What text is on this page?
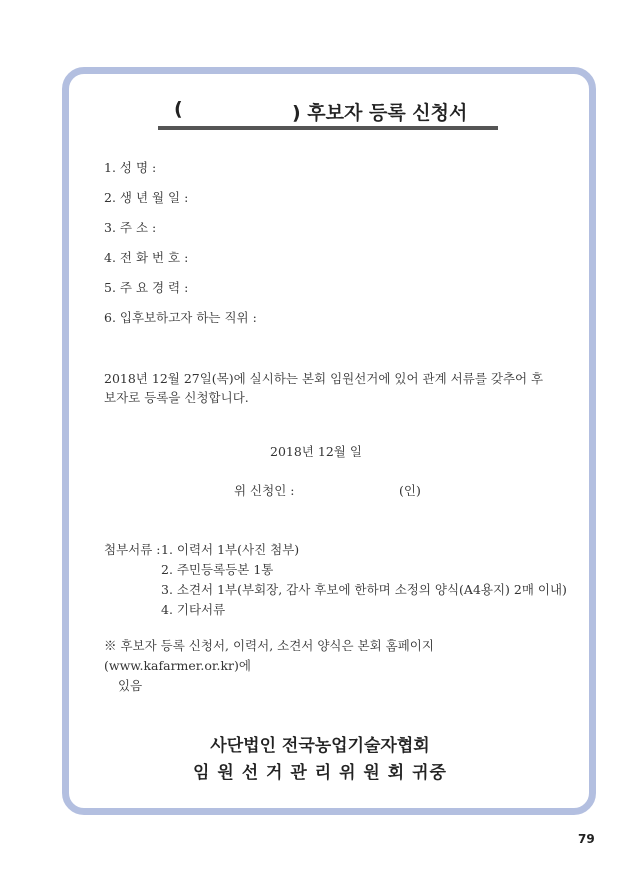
(	) 후보자 등록 신청서
1. 성 명 :
2. 생 년 월 일 :
3. 주 소 :
4. 전 화 번 호 :
5. 주 요 경 력 :
6. 입후보하고자 하는 직위 :
2018년 12월 27일(목)에 실시하는 본회 임원선거에 있어 관계 서류를 갖추어 후보자로 등록을 신청합니다.
2018년 12월 일
위 신청인 :	(인)
첨부서류 : 1. 이력서 1부(사진 첨부)
2. 주민등록등본 1통
3. 소견서 1부(부회장, 감사 후보에 한하며 소정의 양식(A4용지) 2매 이내)
4. 기타서류
※ 후보자 등록 신청서, 이력서, 소견서 양식은 본회 홈페이지(www.kafarmer.or.kr)에
있음
사단법인 전국농업기술자협회
임 원 선 거 관 리 위 원 회 귀중
79
